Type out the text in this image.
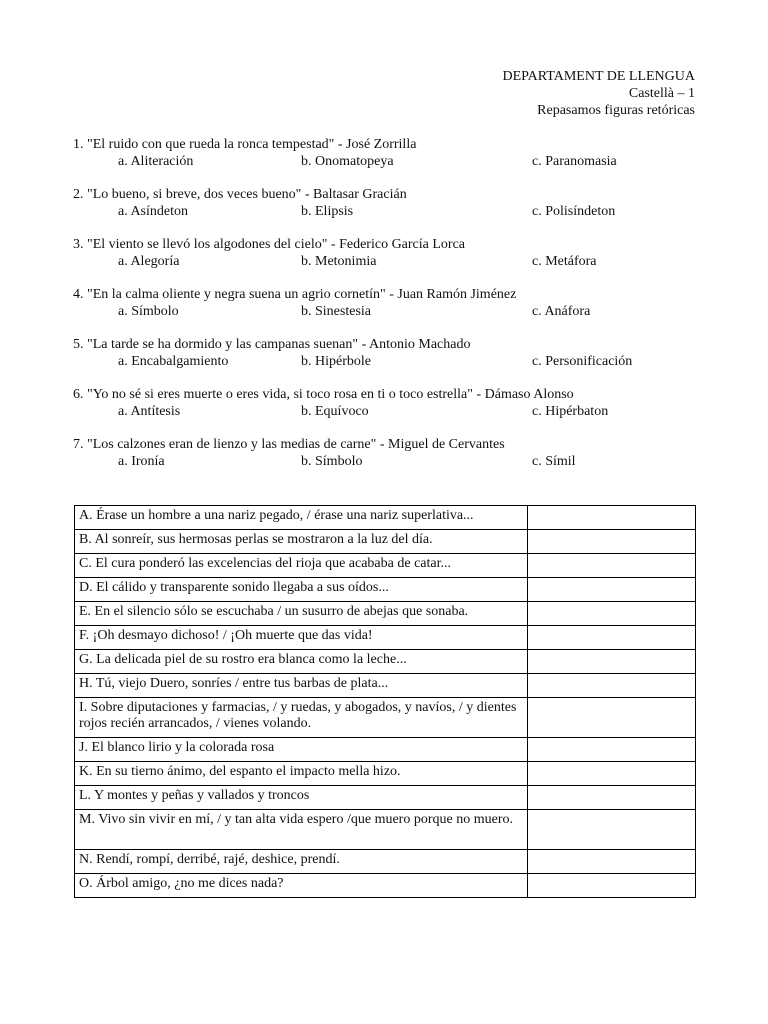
DEPARTAMENT DE LLENGUA
Castellà – 1
Repasamos figuras retóricas
1. "El ruido con que rueda la ronca tempestad" - José Zorrilla
a. Aliteración	b. Onomatopeya	c. Paranomasia
2. "Lo bueno, si breve, dos veces bueno" - Baltasar Gracián
a. Asíndeton	b. Elipsis	c. Polisíndeton
3. "El viento se llevó los algodones del cielo" - Federico García Lorca
a. Alegoría	b. Metonimia	c. Metáfora
4. "En la calma oliente y negra suena un agrio cornetín" - Juan Ramón Jiménez
a. Símbolo	b. Sinestesia	c. Anáfora
5. "La tarde se ha dormido y las campanas suenan" - Antonio Machado
a. Encabalgamiento	b. Hipérbole	c. Personificación
6. "Yo no sé si eres muerte o eres vida, si toco rosa en ti o toco estrella" - Dámaso Alonso
a. Antítesis	b. Equívoco	c. Hipérbaton
7. "Los calzones eran de lienzo y las medias de carne" - Miguel de Cervantes
a. Ironía	b. Símbolo	c. Símil
A. Érase un hombre a una nariz pegado, / érase una nariz superlativa...	
B. Al sonreír, sus hermosas perlas se mostraron a la luz del día.	
C. El cura ponderó las excelencias del rioja que acababa de catar...	
D. El cálido y transparente sonido llegaba a sus oídos...	
E. En el silencio sólo se escuchaba / un susurro de abejas que sonaba.	
F. ¡Oh desmayo dichoso! / ¡Oh muerte que das vida!	
G. La delicada piel de su rostro era blanca como la leche...	
H. Tú, viejo Duero, sonríes / entre tus barbas de plata...	
I. Sobre diputaciones y farmacias, / y ruedas, y abogados, y navíos, / y dientes rojos recién arrancados, / vienes volando.	
J. El blanco lirio y la colorada rosa	
K. En su tierno ánimo, del espanto el impacto mella hizo.	
L. Y montes y peñas y vallados y troncos	
M. Vivo sin vivir en mí, / y tan alta vida espero /que muero porque no muero.	
N. Rendí, rompí, derribé, rajé, deshice, prendí.	
O. Árbol amigo, ¿no me dices nada?	
